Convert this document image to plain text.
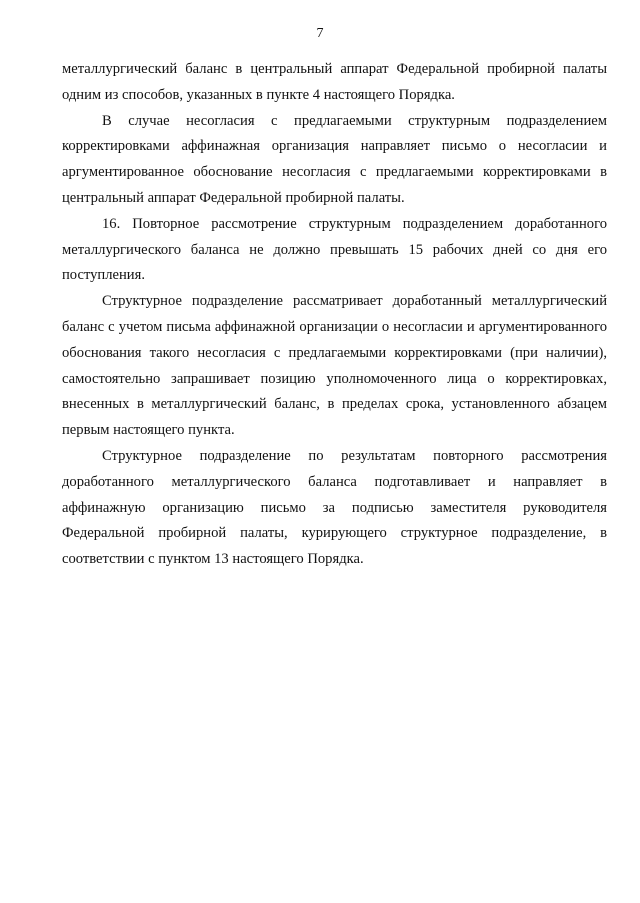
7

металлургический баланс в центральный аппарат Федеральной пробирной палаты одним из способов, указанных в пункте 4 настоящего Порядка.

В случае несогласия с предлагаемыми структурным подразделением корректировками аффинажная организация направляет письмо о несогласии и аргументированное обоснование несогласия с предлагаемыми корректировками в центральный аппарат Федеральной пробирной палаты.

16. Повторное рассмотрение структурным подразделением доработанного металлургического баланса не должно превышать 15 рабочих дней со дня его поступления.

Структурное подразделение рассматривает доработанный металлургический баланс с учетом письма аффинажной организации о несогласии и аргументированного обоснования такого несогласия с предлагаемыми корректировками (при наличии), самостоятельно запрашивает позицию уполномоченного лица о корректировках, внесенных в металлургический баланс, в пределах срока, установленного абзацем первым настоящего пункта.

Структурное подразделение по результатам повторного рассмотрения доработанного металлургического баланса подготавливает и направляет в аффинажную организацию письмо за подписью заместителя руководителя Федеральной пробирной палаты, курирующего структурное подразделение, в соответствии с пунктом 13 настоящего Порядка.
